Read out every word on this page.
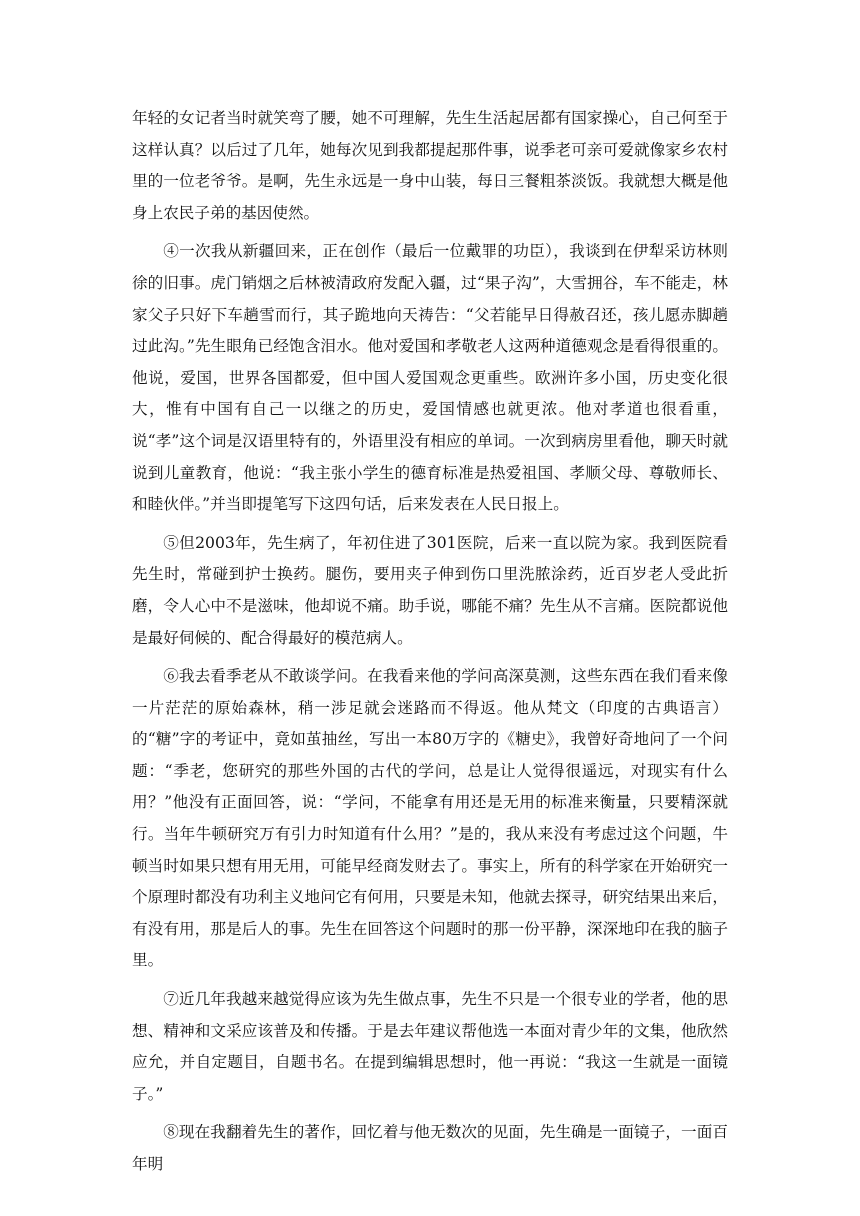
年轻的女记者当时就笑弯了腰，她不可理解，先生生活起居都有国家操心，自己何至于这样认真？以后过了几年，她每次见到我都提起那件事，说季老可亲可爱就像家乡农村里的一位老爷爷。是啊，先生永远是一身中山装，每日三餐粗茶淡饭。我就想大概是他身上农民子弟的基因使然。

④一次我从新疆回来，正在创作（最后一位戴罪的功臣），我谈到在伊犁采访林则徐的旧事。虎门销烟之后林被清政府发配入疆，过“果子沟”，大雪拥谷，车不能走，林家父子只好下车趟雪而行，其子跪地向天祷告：“父若能早日得赦召还，孩儿愿赤脚趟过此沟。”先生眼角已经饱含泪水。他对爱国和孝敬老人这两种道德观念是看得很重的。他说，爱国，世界各国都爱，但中国人爱国观念更重些。欧洲许多小国，历史变化很大，惟有中国有自己一以继之的历史，爱国情感也就更浓。他对孝道也很看重，说“孝”这个词是汉语里特有的，外语里没有相应的单词。一次到病房里看他，聊天时就说到儿童教育，他说：“我主张小学生的德育标准是热爱祖国、孝顺父母、尊敬师长、和睦伙伴。”并当即提笔写下这四句话，后来发表在人民日报上。

⑤但2003年，先生病了，年初住进了301医院，后来一直以院为家。我到医院看先生时，常碰到护士换药。腿伤，要用夹子伸到伤口里洗脓涂药，近百岁老人受此折磨，令人心中不是滋味，他却说不痛。助手说，哪能不痛？先生从不言痛。医院都说他是最好伺候的、配合得最好的模范病人。

⑥我去看季老从不敢谈学问。在我看来他的学问高深莫测，这些东西在我们看来像一片茫茫的原始森林，稍一涉足就会迷路而不得返。他从梵文（印度的古典语言）的“糖”字的考证中，竟如茧抽丝，写出一本80万字的《糖史》，我曾好奇地问了一个问题：“季老，您研究的那些外国的古代的学问，总是让人觉得很遥远，对现实有什么用？”他没有正面回答，说：“学问，不能拿有用还是无用的标准来衡量，只要精深就行。当年牛顿研究万有引力时知道有什么用？”是的，我从来没有考虑过这个问题，牛顿当时如果只想有用无用，可能早经商发财去了。事实上，所有的科学家在开始研究一个原理时都没有功利主义地问它有何用，只要是未知，他就去探寻，研究结果出来后，有没有用，那是后人的事。先生在回答这个问题时的那一份平静，深深地印在我的脑子里。

⑦近几年我越来越觉得应该为先生做点事，先生不只是一个很专业的学者，他的思想、精神和文采应该普及和传播。于是去年建议帮他选一本面对青少年的文集，他欣然应允，并自定题目，自题书名。在提到编辑思想时，他一再说：“我这一生就是一面镜子。”

⑧现在我翻着先生的著作，回忆着与他无数次的见面，先生确是一面镜子，一面百年明
